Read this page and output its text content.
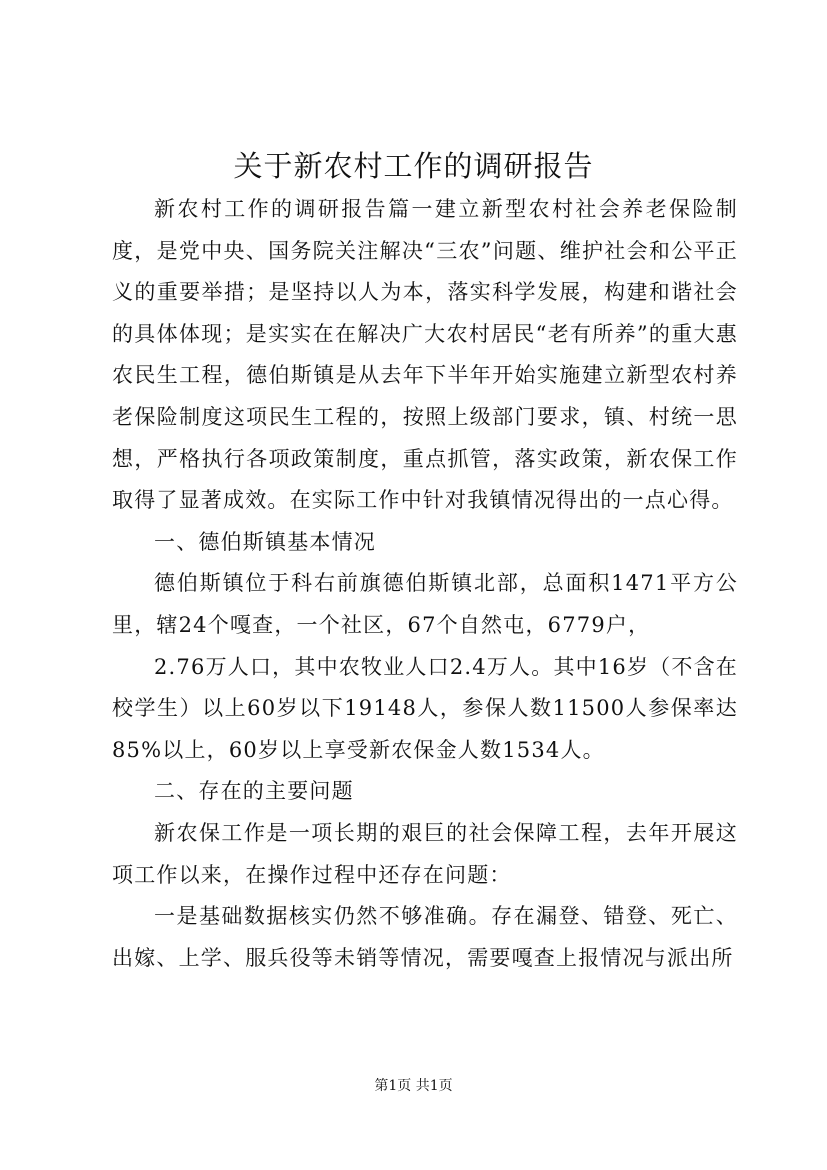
关于新农村工作的调研报告

新农村工作的调研报告篇一建立新型农村社会养老保险制度，是党中央、国务院关注解决“三农”问题、维护社会和公平正义的重要举措；是坚持以人为本，落实科学发展，构建和谐社会的具体体现；是实实在在解决广大农村居民“老有所养”的重大惠农民生工程，德伯斯镇是从去年下半年开始实施建立新型农村养老保险制度这项民生工程的，按照上级部门要求，镇、村统一思想，严格执行各项政策制度，重点抓管，落实政策，新农保工作取得了显著成效。在实际工作中针对我镇情况得出的一点心得。

一、德伯斯镇基本情况

德伯斯镇位于科右前旗德伯斯镇北部，总面积1471平方公里，辖24个嘎查，一个社区，67个自然屯，6779户，

2.76万人口，其中农牧业人口2.4万人。其中16岁（不含在校学生）以上60岁以下19148人，参保人数11500人参保率达85%以上，60岁以上享受新农保金人数1534人。

二、存在的主要问题

新农保工作是一项长期的艰巨的社会保障工程，去年开展这项工作以来，在操作过程中还存在问题：

一是基础数据核实仍然不够准确。存在漏登、错登、死亡、出嫁、上学、服兵役等未销等情况，需要嘎查上报情况与派出所

第1页 共1页
